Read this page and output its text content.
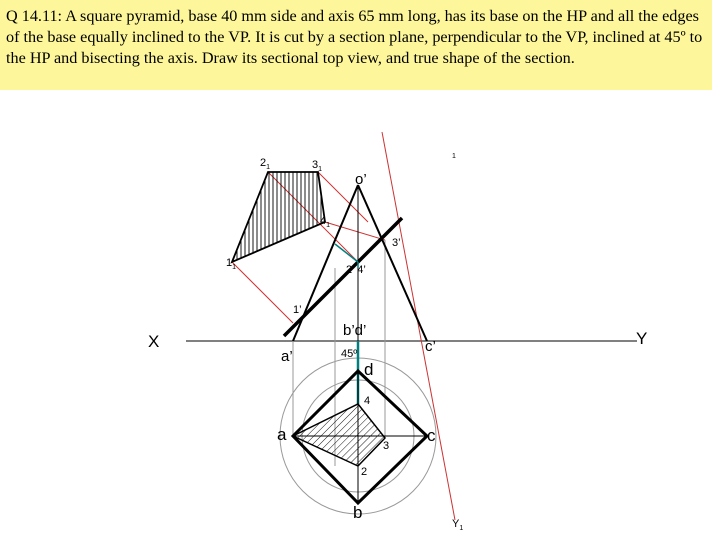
Q 14.11: A square pyramid, base 40 mm side and axis 65 mm long, has its base on the HP and all the edges of the base equally inclined to the VP. It is cut by a section plane, perpendicular to the VP, inclined at 45º to the HP and bisecting the axis. Draw its sectional top view, and true shape of the section.
X	Y
$Y_1$
o’
b’d’
a’
c’
45º
1’
2’ 4’
3’
$1_1$
$2_1$	$3_1$
$4_1$
1
a
b
c
d
2
3
4
